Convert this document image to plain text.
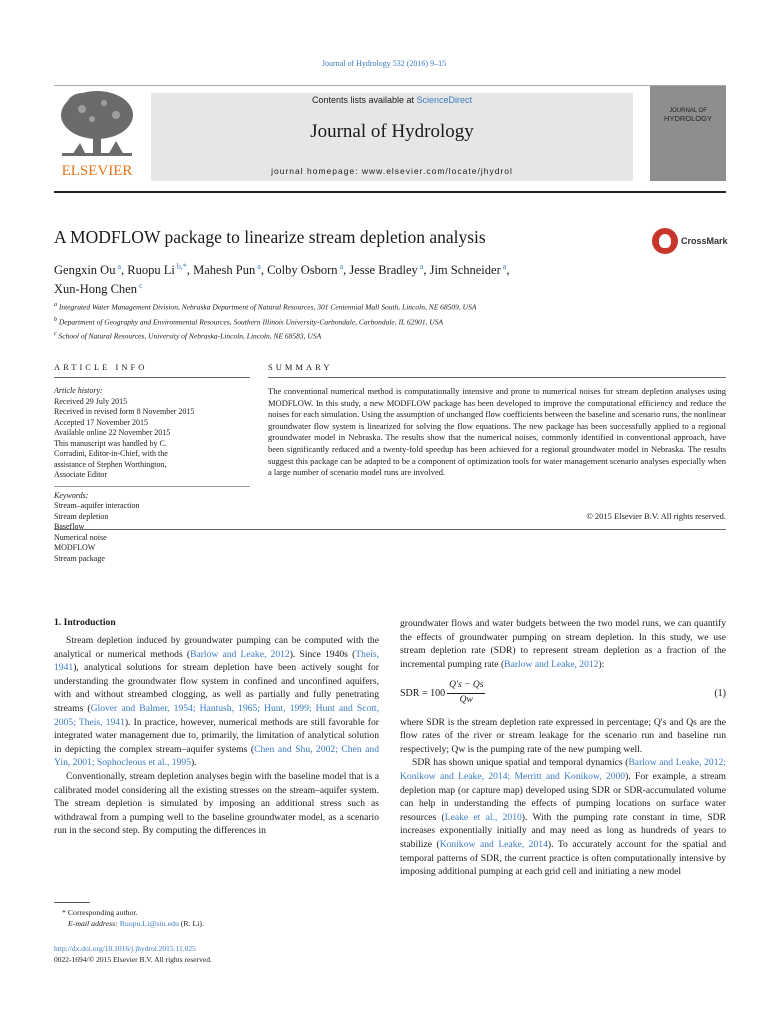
Journal of Hydrology 532 (2016) 9–15
ELSEVIER
Contents lists available at ScienceDirect
Journal of Hydrology
journal homepage: www.elsevier.com/locate/jhydrol
JOURNAL OF
HYDROLOGY
A MODFLOW package to linearize stream depletion analysis	CrossMark
Gengxin Ou $^a$, Ruopu Li $^{b,*}$, Mahesh Pun $^a$, Colby Osborn $^a$, Jesse Bradley $^a$, Jim Schneider $^a$,
Xun-Hong Chen $^c$
$^a$ Integrated Water Management Division, Nebraska Department of Natural Resources, 301 Centennial Mall South, Lincoln, NE 68509, USA
$^b$ Department of Geography and Environmental Resources, Southern Illinois University-Carbondale, Carbondale, IL 62901, USA
$^c$ School of Natural Resources, University of Nebraska-Lincoln, Lincoln, NE 68583, USA
ARTICLE INFO	SUMMARY
Article history:
Received 29 July 2015
Received in revised form 8 November 2015
Accepted 17 November 2015
Available online 22 November 2015
This manuscript was handled by C.
Corradini, Editor-in-Chief, with the
assistance of Stephen Worthington,
Associate Editor
Keywords:
Stream–aquifer interaction
Stream depletion
Baseflow
Numerical noise
MODFLOW
Stream package
The conventional numerical method is computationally intensive and prone to numerical noises for stream depletion analyses using MODFLOW. In this study, a new MODFLOW package has been developed to improve the computational efficiency and reduce the noises for each simulation. Using the assumption of unchanged flow coefficients between the baseline and scenario runs, the nonlinear groundwater flow system is linearized for solving the flow equations. The new package has been successfully applied to a regional groundwater model in Nebraska. The results show that the numerical noises, commonly identified in conventional approach, have been significantly reduced and a twenty-fold speedup has been achieved for a regional groundwater model in Nebraska. The results suggest this package can be adapted to be a component of optimization tools for water management scenario analyses especially when a large number of scenario model runs are involved.
© 2015 Elsevier B.V. All rights reserved.
1. Introduction

Stream depletion induced by groundwater pumping can be computed with the analytical or numerical methods (Barlow and Leake, 2012). Since 1940s (Theis, 1941), analytical solutions for stream depletion have been actively sought for understanding the groundwater flow system in confined and unconfined aquifers, with and without streambed clogging, as well as partially and fully penetrating streams (Glover and Balmer, 1954; Hantush, 1965; Hunt, 1999; Hunt and Scott, 2005; Theis, 1941). In practice, however, numerical methods are still favorable for integrated water management due to, primarily, the limitation of analytical solution in depicting the complex stream–aquifer systems (Chen and Shu, 2002; Chen and Yin, 2001; Sophocleous et al., 1995).

Conventionally, stream depletion analyses begin with the baseline model that is a calibrated model considering all the existing stresses on the stream–aquifer system. The stream depletion is simulated by imposing an additional stress such as withdrawal from a pumping well to the baseline groundwater model, as a scenario run in the second step. By computing the differences in

groundwater flows and water budgets between the two model runs, we can quantify the effects of groundwater pumping on stream depletion. In this study, we use stream depletion rate (SDR) to represent stream depletion as a fraction of the incremental pumping rate (Barlow and Leake, 2012):

SDR = $100 \frac{Q's - Qs}{Qw}$	(1)

where SDR is the stream depletion rate expressed in percentage; Q′s and Qs are the flow rates of the river or stream leakage for the scenario run and baseline run respectively; Qw is the pumping rate of the new pumping well.

SDR has shown unique spatial and temporal dynamics (Barlow and Leake, 2012; Konikow and Leake, 2014; Merritt and Konikow, 2000). For example, a stream depletion map (or capture map) developed using SDR or SDR-accumulated volume can help in understanding the effects of pumping locations on surface water resources (Leake et al., 2010). With the pumping rate constant in time, SDR increases exponentially initially and may need as long as hundreds of years to stabilize (Konikow and Leake, 2014). To accurately account for the spatial and temporal patterns of SDR, the current practice is often computationally intensive by imposing additional pumping at each grid cell and initiating a new model

* Corresponding author.
E-mail address: Ruopu.Li@siu.edu (R. Li).
http://dx.doi.org/10.1016/j.jhydrol.2015.11.025
0022-1694/© 2015 Elsevier B.V. All rights reserved.
